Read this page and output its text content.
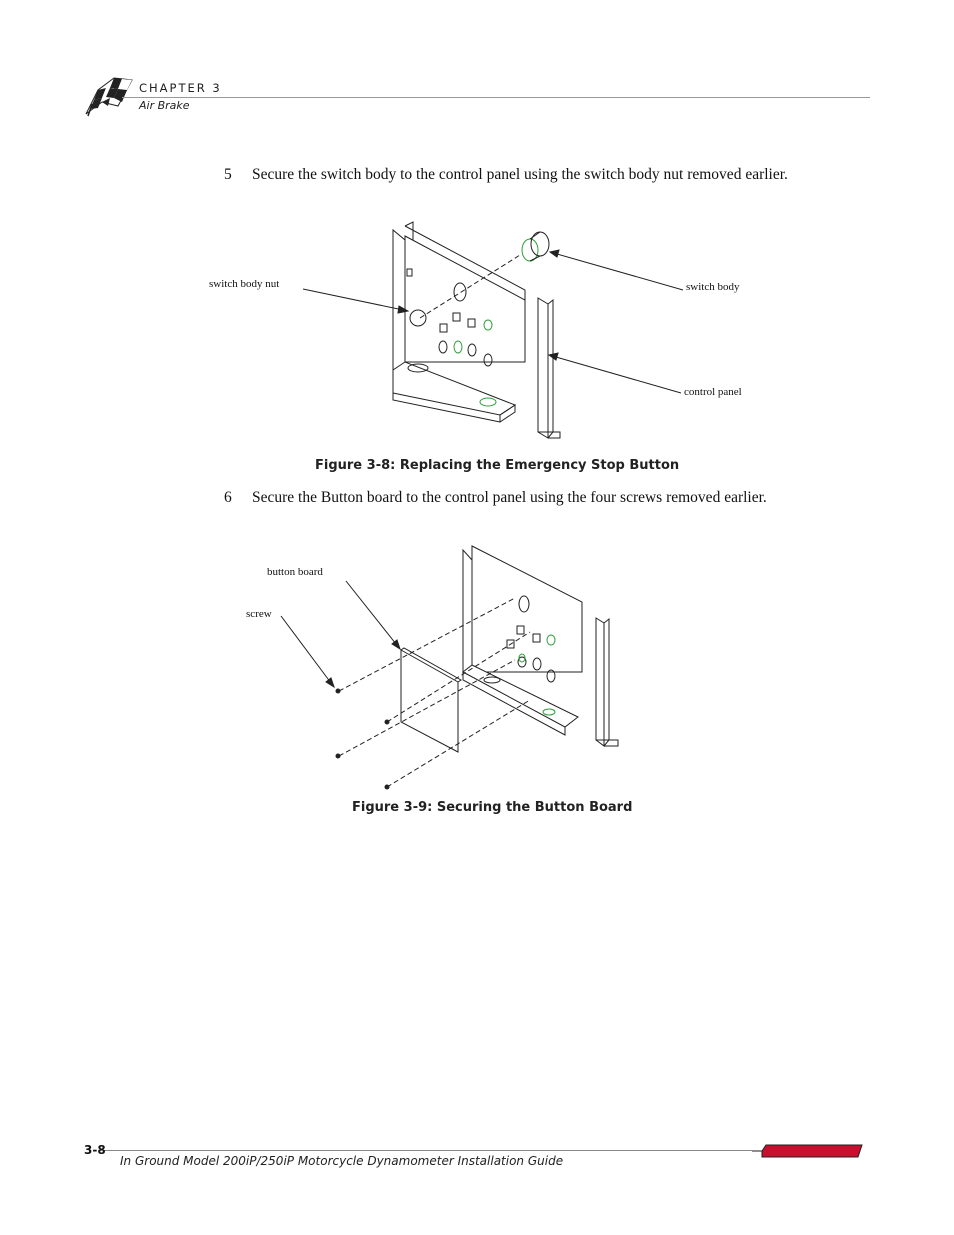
CHAPTER 3
Air Brake
5 Secure the switch body to the control panel using the switch body nut removed earlier.
switch body nut	switch body
control panel
Figure 3-8: Replacing the Emergency Stop Button
6 Secure the Button board to the control panel using the four screws removed earlier.
button board
screw
Figure 3-9: Securing the Button Board
3-8
In Ground Model 200iP/250iP Motorcycle Dynamometer Installation Guide
